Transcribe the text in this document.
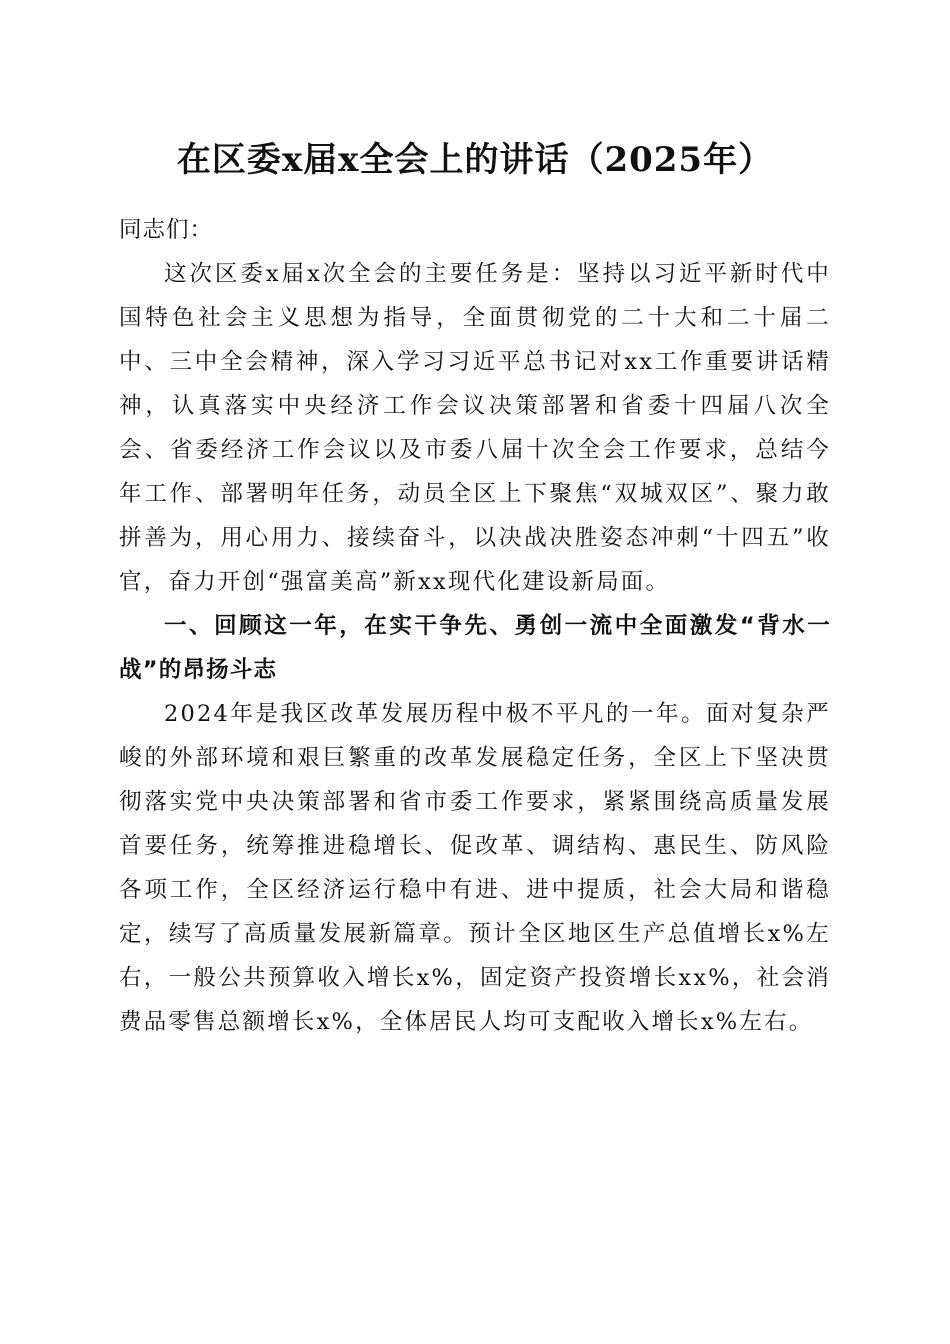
在区委x届x全会上的讲话（2025年）

同志们：

这次区委x届x次全会的主要任务是：坚持以习近平新时代中国特色社会主义思想为指导，全面贯彻党的二十大和二十届二中、三中全会精神，深入学习习近平总书记对xx工作重要讲话精神，认真落实中央经济工作会议决策部署和省委十四届八次全会、省委经济工作会议以及市委八届十次全会工作要求，总结今年工作、部署明年任务，动员全区上下聚焦“双城双区”、聚力敢拼善为，用心用力、接续奋斗，以决战决胜姿态冲刺“十四五”收官，奋力开创“强富美高”新xx现代化建设新局面。

一、回顾这一年，在实干争先、勇创一流中全面激发“背水一战”的昂扬斗志

2024年是我区改革发展历程中极不平凡的一年。面对复杂严峻的外部环境和艰巨繁重的改革发展稳定任务，全区上下坚决贯彻落实党中央决策部署和省市委工作要求，紧紧围绕高质量发展首要任务，统筹推进稳增长、促改革、调结构、惠民生、防风险各项工作，全区经济运行稳中有进、进中提质，社会大局和谐稳定，续写了高质量发展新篇章。预计全区地区生产总值增长x%左右，一般公共预算收入增长x%，固定资产投资增长xx%，社会消费品零售总额增长x%，全体居民人均可支配收入增长x%左右。
